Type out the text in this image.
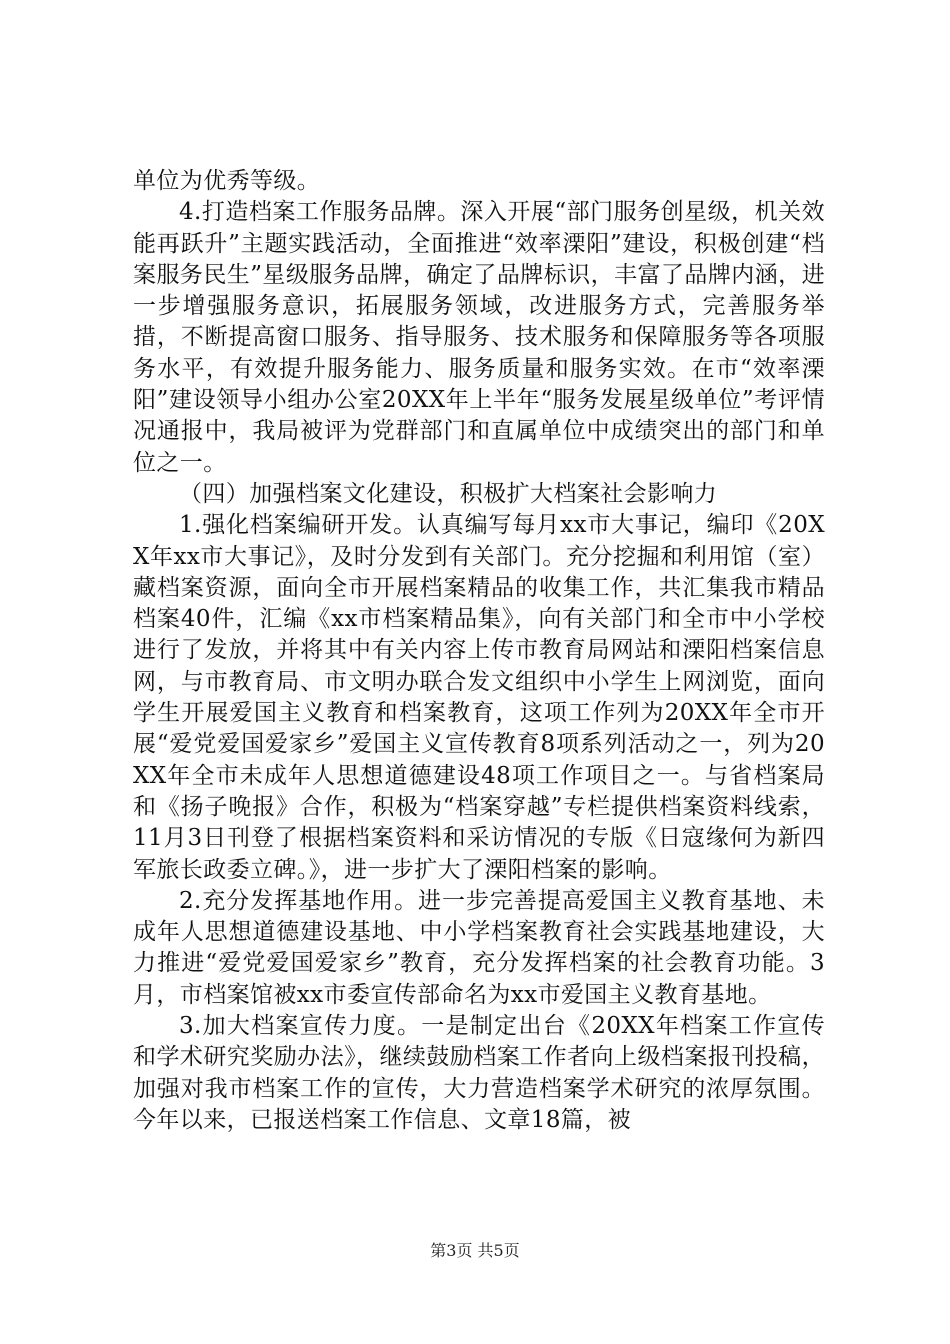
单位为优秀等级。

4.打造档案工作服务品牌。深入开展“部门服务创星级，机关效能再跃升”主题实践活动，全面推进“效率溧阳”建设，积极创建“档案服务民生”星级服务品牌，确定了品牌标识，丰富了品牌内涵，进一步增强服务意识，拓展服务领域，改进服务方式，完善服务举措，不断提高窗口服务、指导服务、技术服务和保障服务等各项服务水平，有效提升服务能力、服务质量和服务实效。在市“效率溧阳”建设领导小组办公室20XX年上半年“服务发展星级单位”考评情况通报中，我局被评为党群部门和直属单位中成绩突出的部门和单位之一。

（四）加强档案文化建设，积极扩大档案社会影响力

1.强化档案编研开发。认真编写每月xx市大事记，编印《20XX年xx市大事记》，及时分发到有关部门。充分挖掘和利用馆（室）藏档案资源，面向全市开展档案精品的收集工作，共汇集我市精品档案40件，汇编《xx市档案精品集》，向有关部门和全市中小学校进行了发放，并将其中有关内容上传市教育局网站和溧阳档案信息网，与市教育局、市文明办联合发文组织中小学生上网浏览，面向学生开展爱国主义教育和档案教育，这项工作列为20XX年全市开展“爱党爱国爱家乡”爱国主义宣传教育8项系列活动之一，列为20XX年全市未成年人思想道德建设48项工作项目之一。与省档案局和《扬子晚报》合作，积极为“档案穿越”专栏提供档案资料线索，11月3日刊登了根据档案资料和采访情况的专版《日寇缘何为新四军旅长政委立碑。》，进一步扩大了溧阳档案的影响。

2.充分发挥基地作用。进一步完善提高爱国主义教育基地、未成年人思想道德建设基地、中小学档案教育社会实践基地建设，大力推进“爱党爱国爱家乡”教育，充分发挥档案的社会教育功能。3月，市档案馆被xx市委宣传部命名为xx市爱国主义教育基地。

3.加大档案宣传力度。一是制定出台《20XX年档案工作宣传和学术研究奖励办法》，继续鼓励档案工作者向上级档案报刊投稿，加强对我市档案工作的宣传，大力营造档案学术研究的浓厚氛围。今年以来，已报送档案工作信息、文章18篇，被

第3页 共5页
